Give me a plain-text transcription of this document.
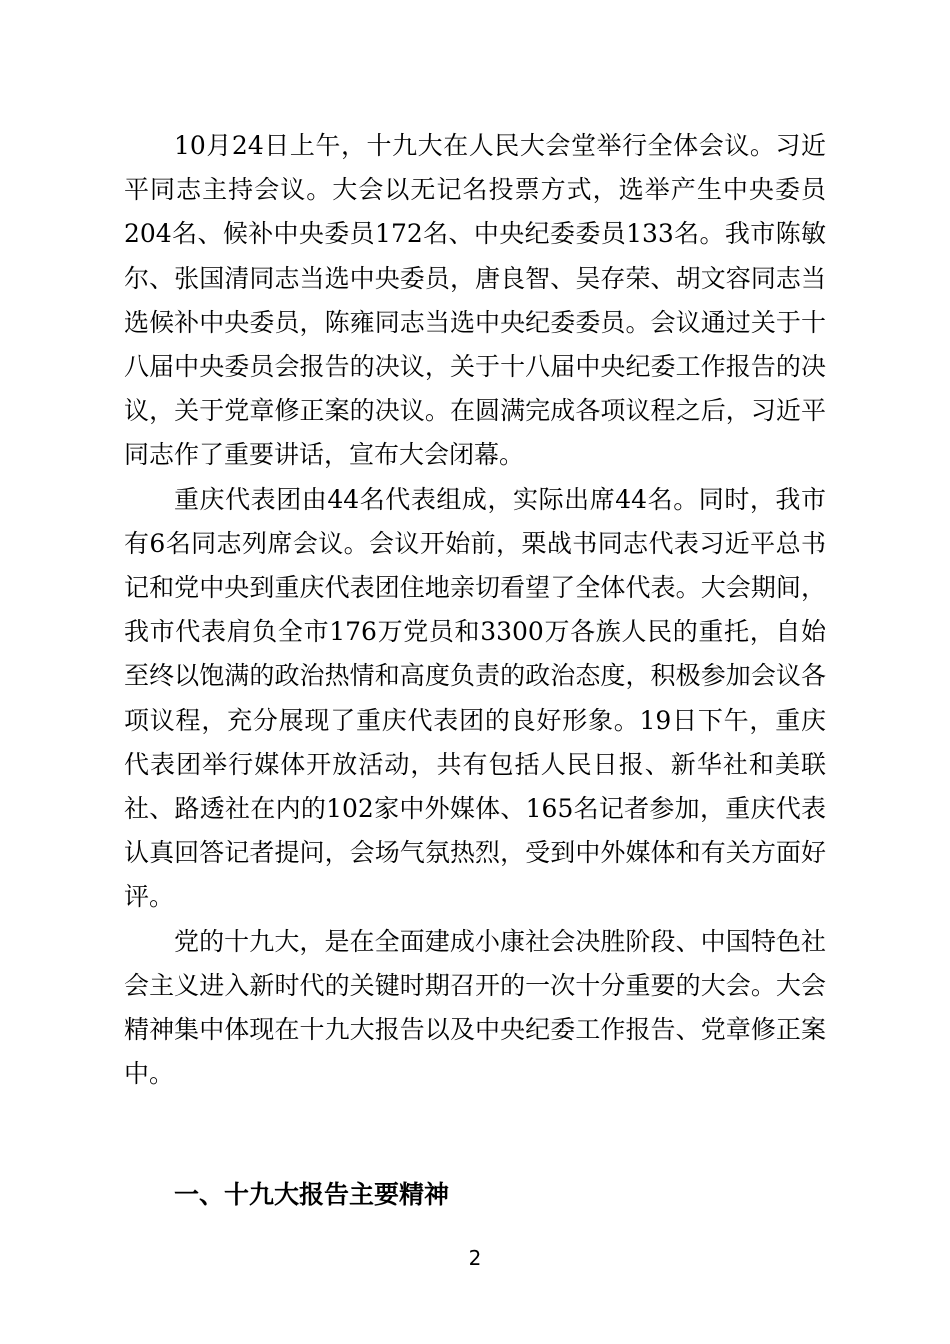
10月24日上午，十九大在人民大会堂举行全体会议。习近平同志主持会议。大会以无记名投票方式，选举产生中央委员204名、候补中央委员172名、中央纪委委员133名。我市陈敏尔、张国清同志当选中央委员，唐良智、吴存荣、胡文容同志当选候补中央委员，陈雍同志当选中央纪委委员。会议通过关于十八届中央委员会报告的决议，关于十八届中央纪委工作报告的决议，关于党章修正案的决议。在圆满完成各项议程之后，习近平同志作了重要讲话，宣布大会闭幕。

重庆代表团由44名代表组成，实际出席44名。同时，我市有6名同志列席会议。会议开始前，栗战书同志代表习近平总书记和党中央到重庆代表团住地亲切看望了全体代表。大会期间，我市代表肩负全市176万党员和3300万各族人民的重托，自始至终以饱满的政治热情和高度负责的政治态度，积极参加会议各项议程，充分展现了重庆代表团的良好形象。19日下午，重庆代表团举行媒体开放活动，共有包括人民日报、新华社和美联社、路透社在内的102家中外媒体、165名记者参加，重庆代表认真回答记者提问，会场气氛热烈，受到中外媒体和有关方面好评。

党的十九大，是在全面建成小康社会决胜阶段、中国特色社会主义进入新时代的关键时期召开的一次十分重要的大会。大会精神集中体现在十九大报告以及中央纪委工作报告、党章修正案中。

一、十九大报告主要精神
2
